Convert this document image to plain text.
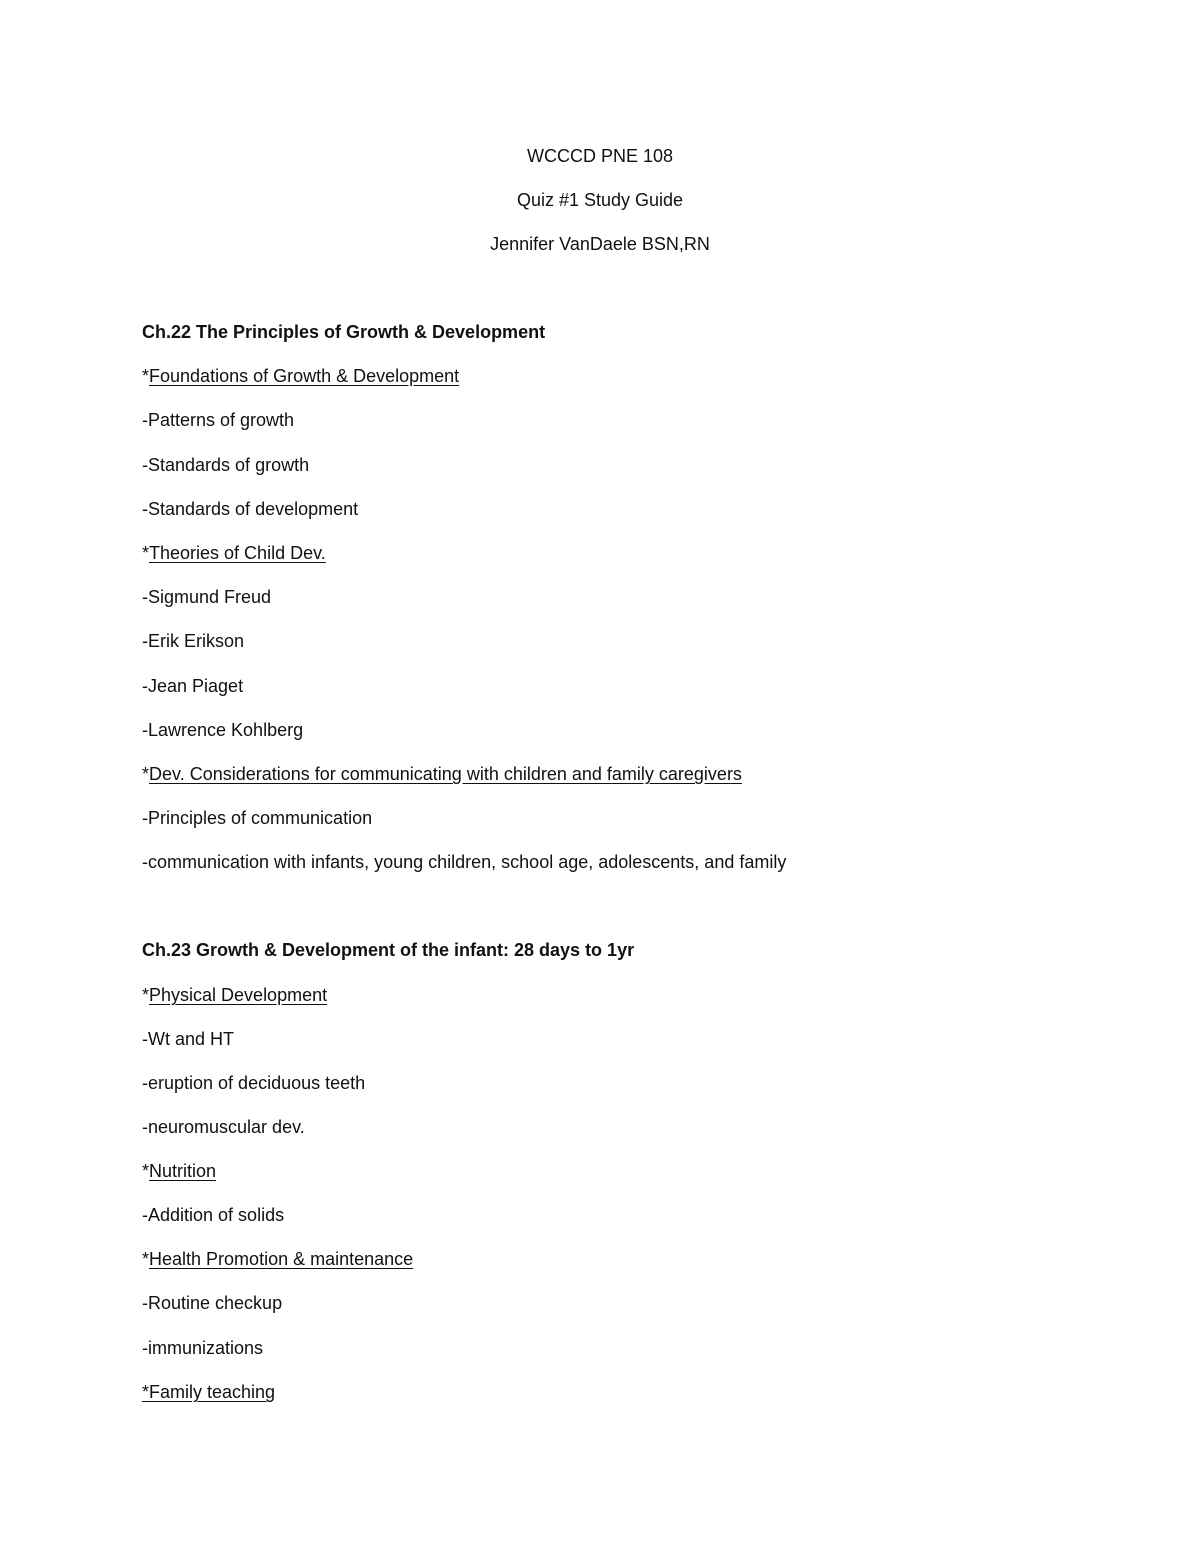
WCCCD PNE 108
Quiz #1 Study Guide
Jennifer VanDaele BSN,RN
Ch.22 The Principles of Growth & Development
*Foundations of Growth & Development
-Patterns of growth
-Standards of growth
-Standards of development
*Theories of Child Dev.
-Sigmund Freud
-Erik Erikson
-Jean Piaget
-Lawrence Kohlberg
*Dev. Considerations for communicating with children and family caregivers
-Principles of communication
-communication with infants, young children, school age, adolescents, and family
Ch.23 Growth & Development of the infant: 28 days to 1yr
*Physical Development
-Wt and HT
-eruption of deciduous teeth
-neuromuscular dev.
*Nutrition
-Addition of solids
*Health Promotion & maintenance
-Routine checkup
-immunizations
*Family teaching
